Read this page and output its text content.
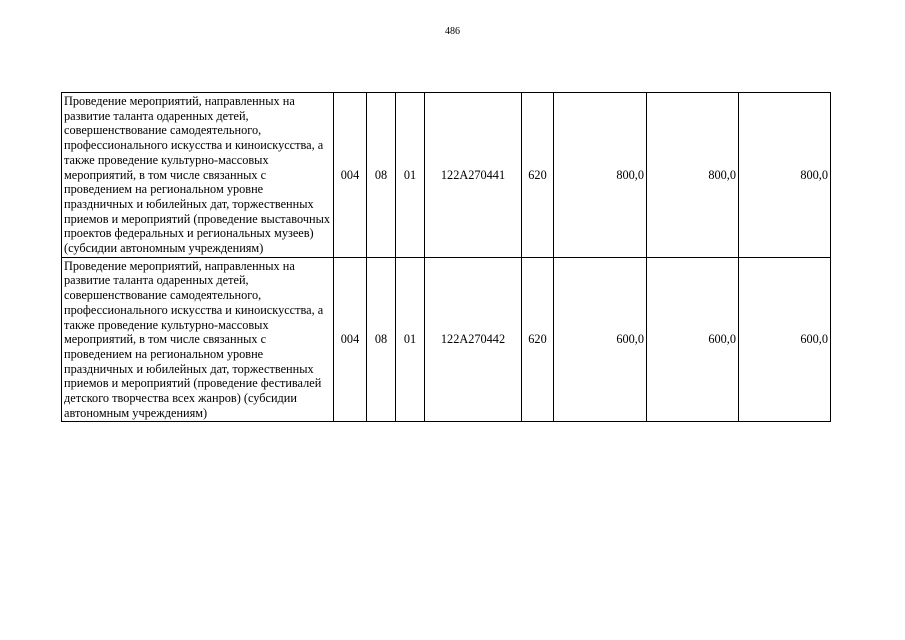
486
Проведение мероприятий, направленных на развитие таланта одаренных детей, совершенствование самодеятельного, профессионального искусства и киноискусства, а также проведение культурно-массовых мероприятий, в том числе связанных с проведением на региональном уровне праздничных и юбилейных дат, торжественных приемов и мероприятий (проведение выставочных проектов федеральных и региональных музеев) (субсидии автономным учреждениям)	004	08	01	122А270441	620	800,0	800,0	800,0
Проведение мероприятий, направленных на развитие таланта одаренных детей, совершенствование самодеятельного, профессионального искусства и киноискусства, а также проведение культурно-массовых мероприятий, в том числе связанных с проведением на региональном уровне праздничных и юбилейных дат, торжественных приемов и мероприятий (проведение фестивалей детского творчества всех жанров) (субсидии автономным учреждениям)	004	08	01	122А270442	620	600,0	600,0	600,0
